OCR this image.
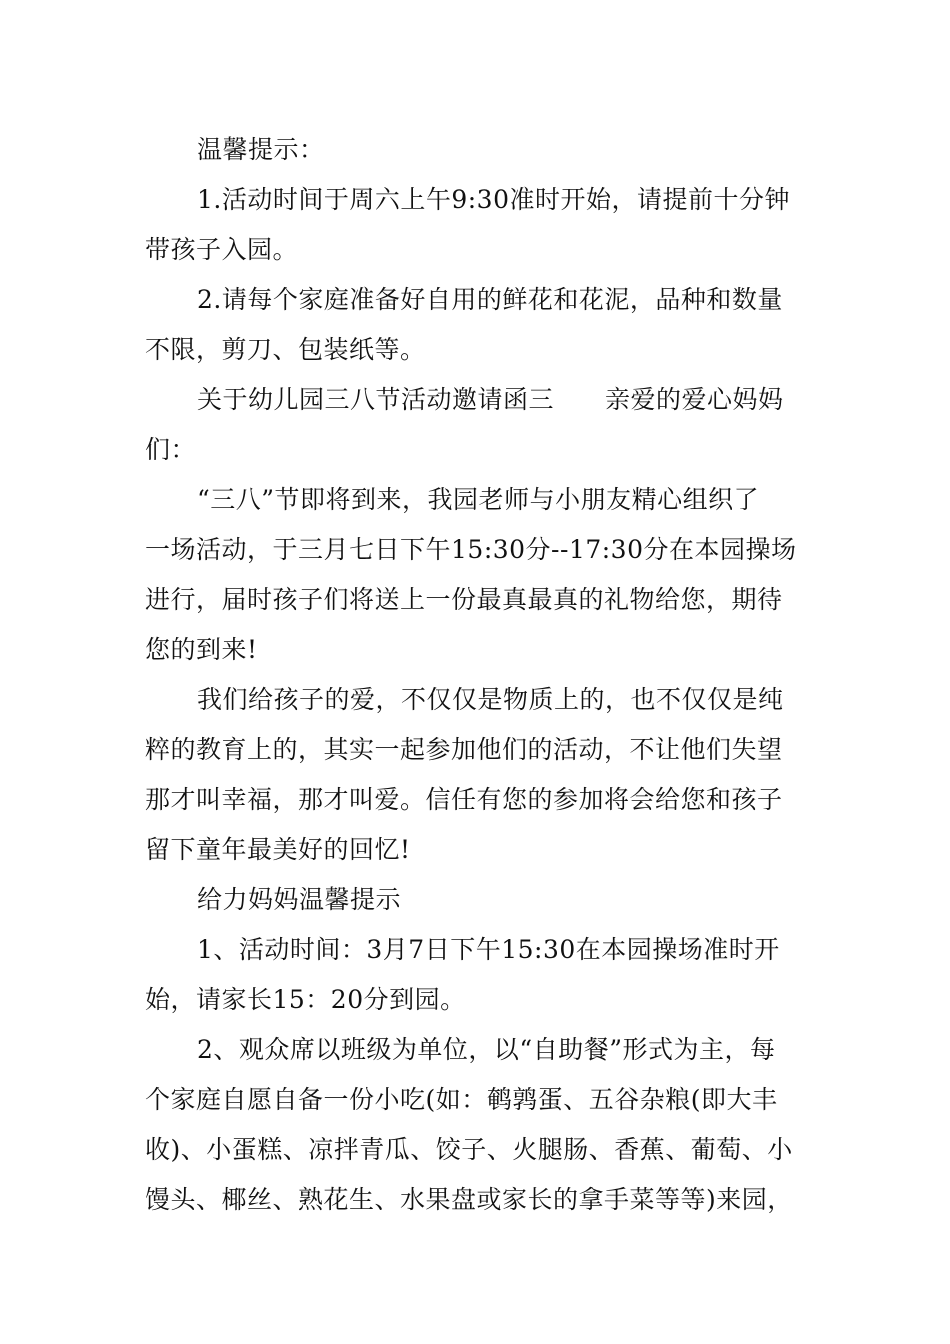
温馨提示：
1.活动时间于周六上午9:30准时开始，请提前十分钟
带孩子入园。
2.请每个家庭准备好自用的鲜花和花泥，品种和数量
不限，剪刀、包装纸等。
关于幼儿园三八节活动邀请函三　　亲爱的爱心妈妈
们：
“三八”节即将到来，我园老师与小朋友精心组织了
一场活动，于三月七日下午15:30分--17:30分在本园操场
进行，届时孩子们将送上一份最真最真的礼物给您，期待
您的到来!
我们给孩子的爱，不仅仅是物质上的，也不仅仅是纯
粹的教育上的，其实一起参加他们的活动，不让他们失望
那才叫幸福，那才叫爱。信任有您的参加将会给您和孩子
留下童年最美好的回忆!
给力妈妈温馨提示
1、活动时间：3月7日下午15:30在本园操场准时开
始，请家长15：20分到园。
2、观众席以班级为单位，以“自助餐”形式为主，每
个家庭自愿自备一份小吃(如：鹌鹑蛋、五谷杂粮(即大丰
收)、小蛋糕、凉拌青瓜、饺子、火腿肠、香蕉、葡萄、小
馒头、椰丝、熟花生、水果盘或家长的拿手菜等等)来园，
